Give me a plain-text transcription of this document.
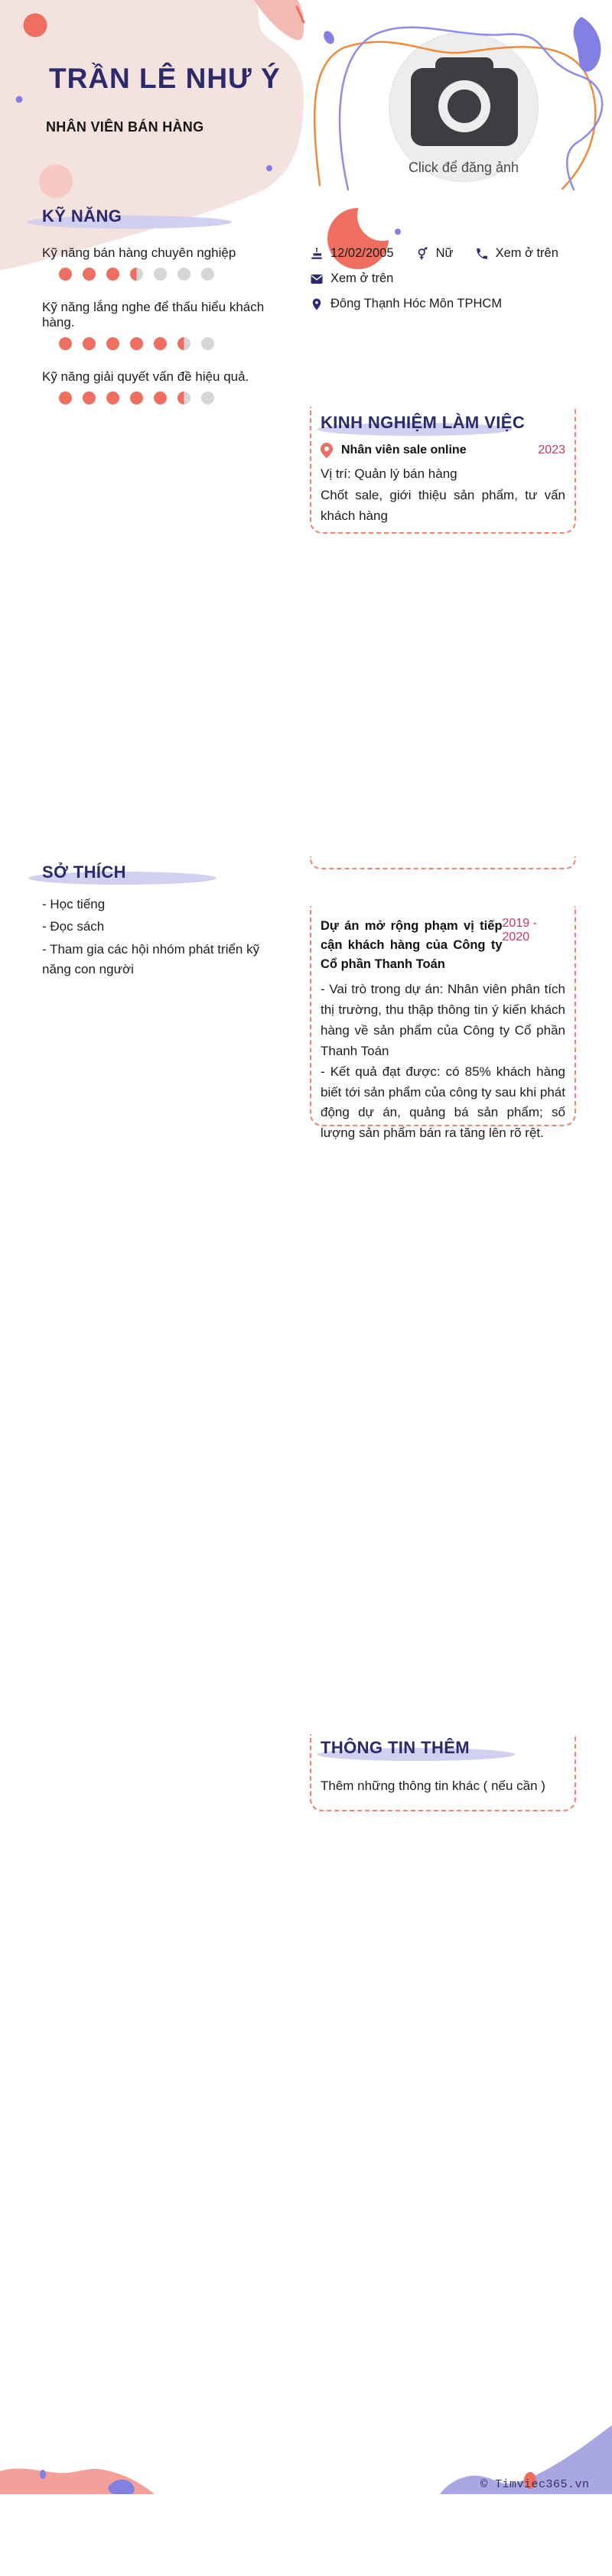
TRẦN LÊ NHƯ Ý
NHÂN VIÊN BÁN HÀNG
Click để đăng ảnh
KỸ NĂNG
Kỹ năng bán hàng chuyên nghiệp
Kỹ năng lắng nghe để thấu hiểu khách hàng.
Kỹ năng giải quyết vấn đề hiệu quả.
12/02/2005	Nữ	Xem ở trên
Xem ở trên
Đông Thạnh Hóc Môn TPHCM
KINH NGHIỆM LÀM VIỆC
Nhân viên sale online	2023
Vị trí: Quản lý bán hàng
Chốt sale, giới thiệu sản phẩm, tư vấn khách hàng
Dự án mở rộng phạm vị tiếp cận khách hàng của Công ty Cổ phần Thanh Toán
2019 - 2020

- Vai trò trong dự án: Nhân viên phân tích thị trường, thu thập thông tin ý kiến khách hàng về sản phẩm của Công ty Cổ phần Thanh Toán

- Kết quả đạt được: có 85% khách hàng biết tới sản phẩm của công ty sau khi phát động dự án, quảng bá sản phẩm; số lượng sản phẩm bán ra tăng lên rõ rệt.

SỞ THÍCH
- Học tiếng
- Đọc sách
- Tham gia các hội nhóm phát triển kỹ năng con người
THÔNG TIN THÊM
Thêm những thông tin khác ( nếu cần )
© Timviec365.vn
